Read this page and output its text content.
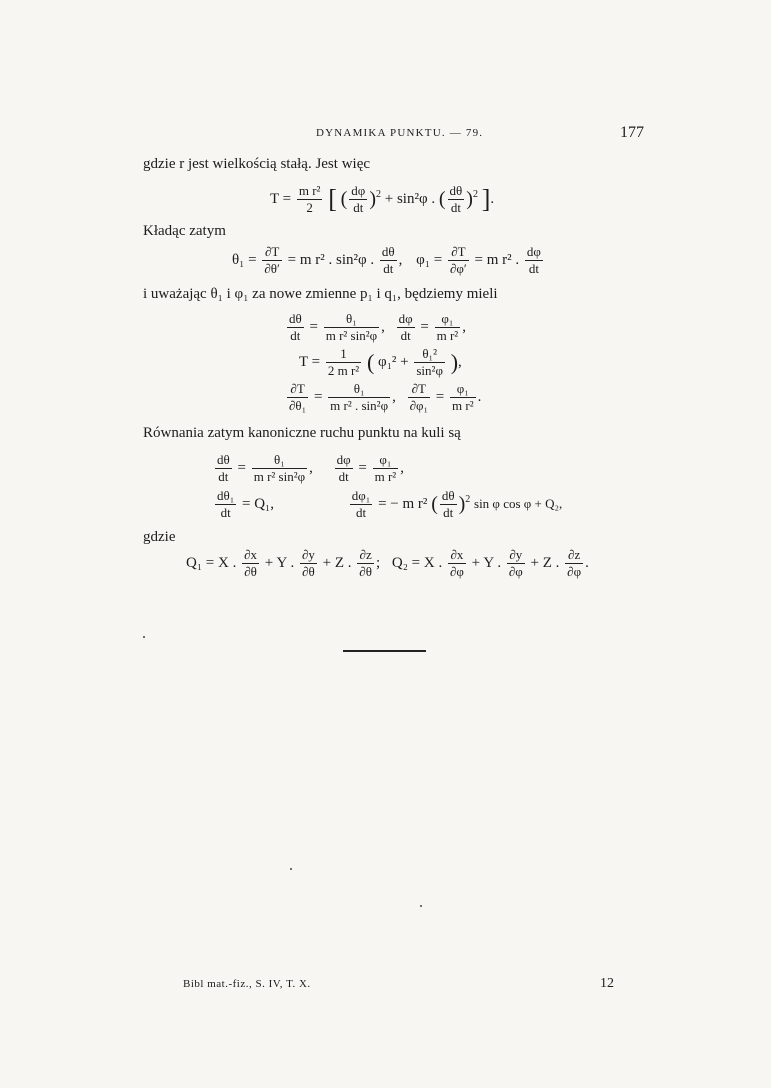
DYNAMIKA PUNKTU. — 79.	177
gdzie r jest wielkością stałą. Jest więc
$T = \frac{\text{m r²}}{2}$ [ ( $\frac{d\varphi}{dt} )^2 + \sin^2\varphi$ . ( $\frac{d\theta}{dt} )^2$ ].
Kładąc zatym
$\theta_1 = \frac{\partial T}{\partial\theta'} = m$ r² . sin²φ . $\frac{d\theta}{dt}$ , $\varphi_1 = \frac{\partial T}{\partial\varphi'} = m$ r² . $\frac{d\varphi}{dt}$
i uważając θ₁ i φ₁ za nowe zmienne p₁ i q₁, będziemy mieli
$\frac{d\theta}{dt} = \frac{\text{θ₁}}{\text{m r² sin²φ}}$ , $\frac{d\varphi}{dt} = \frac{\text{φ₁}}{\text{m r²}}$ ,
$T = \frac{1}{\text{2 m r²}}$ ( $\varphi_1^2 + \frac{\text{θ₁²}}{\text{sin²φ}}$ ),
$\frac{\partial T}{\text{∂θ₁}} = \frac{\text{θ₁}}{\text{m r² . sin²φ}}$ , $\frac{\partial T}{\text{∂φ₁}} = \frac{\text{φ₁}}{\text{m r²}}$ .
Równania zatym kanoniczne ruchu punktu na kuli są
$\frac{d\theta}{dt} = \frac{\text{θ₁}}{\text{m r² sin²φ}}$ , $\frac{d\varphi}{dt} = \frac{\text{φ₁}}{\text{m r²}}$ ,
$\frac{\text{dθ₁}}{dt} = Q_1$,	$\frac{\text{dφ₁}}{dt}$ = − m r² ( $\frac{d\theta}{dt} )^2$ sin φ cos φ + Q₂,
gdzie
Q₁ = X . $\frac{\partial x}{\partial\theta} + Y$ . $\frac{\partial y}{\partial\theta} + Z$ . $\frac{\partial z}{\partial\theta}$ ; Q₂ = X . $\frac{\partial x}{\partial\varphi} + Y$ . $\frac{\partial y}{\partial\varphi} + Z$ . $\frac{\partial z}{\partial\varphi}$ .
Bibl mat.-fiz., S. IV, T. X.	12
